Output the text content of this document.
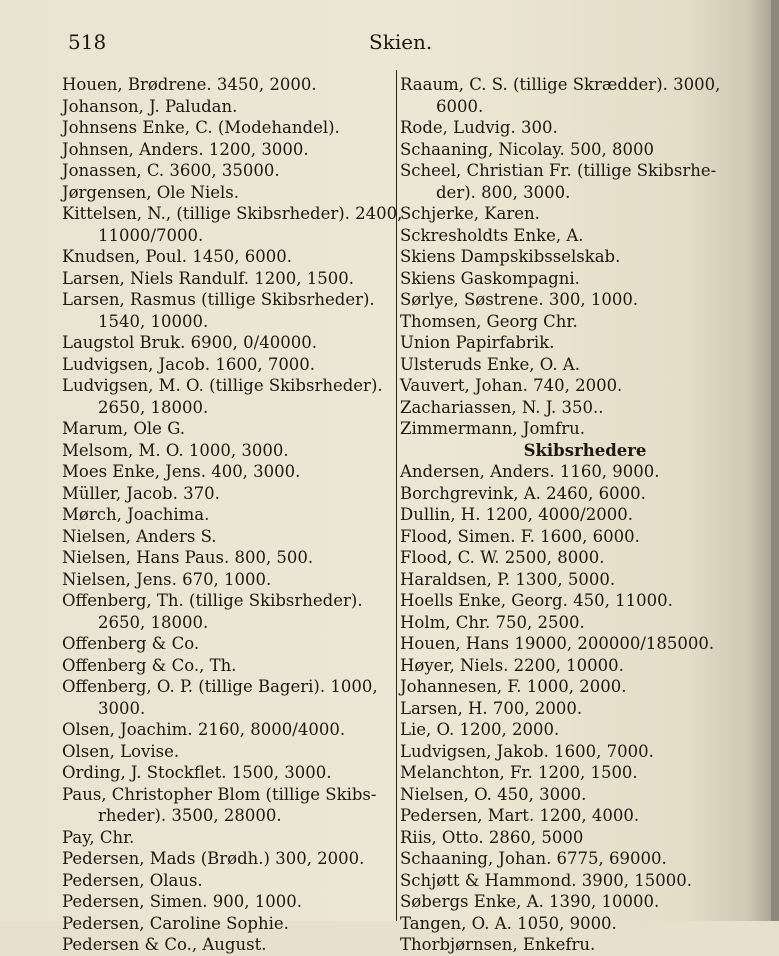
518	Skien.
Houen, Brødrene. 3450, 2000.
Johanson, J. Paludan.
Johnsens Enke, C. (Modehandel).
Johnsen, Anders. 1200, 3000.
Jonassen, C. 3600, 35000.
Jørgensen, Ole Niels.
Kittelsen, N., (tillige Skibsrheder). 2400,
11000/7000.
Knudsen, Poul. 1450, 6000.
Larsen, Niels Randulf. 1200, 1500.
Larsen, Rasmus (tillige Skibsrheder).
1540, 10000.
Laugstol Bruk. 6900, 0/40000.
Ludvigsen, Jacob. 1600, 7000.
Ludvigsen, M. O. (tillige Skibsrheder).
2650, 18000.
Marum, Ole G.
Melsom, M. O. 1000, 3000.
Moes Enke, Jens. 400, 3000.
Müller, Jacob. 370.
Mørch, Joachima.
Nielsen, Anders S.
Nielsen, Hans Paus. 800, 500.
Nielsen, Jens. 670, 1000.
Offenberg, Th. (tillige Skibsrheder).
2650, 18000.
Offenberg & Co.
Offenberg & Co., Th.
Offenberg, O. P. (tillige Bageri). 1000,
3000.
Olsen, Joachim. 2160, 8000/4000.
Olsen, Lovise.
Ording, J. Stockflet. 1500, 3000.
Paus, Christopher Blom (tillige Skibs-
rheder). 3500, 28000.
Pay, Chr.
Pedersen, Mads (Brødh.) 300, 2000.
Pedersen, Olaus.
Pedersen, Simen. 900, 1000.
Pedersen, Caroline Sophie.
Pedersen & Co., August.
Raaum, C. S. (tillige Skrædder). 3000,
6000.
Rode, Ludvig. 300.
Schaaning, Nicolay. 500, 8000
Scheel, Christian Fr. (tillige Skibsrhe-
der). 800, 3000.
Schjerke, Karen.
Sckresholdts Enke, A.
Skiens Dampskibsselskab.
Skiens Gaskompagni.
Sørlye, Søstrene. 300, 1000.
Thomsen, Georg Chr.
Union Papirfabrik.
Ulsteruds Enke, O. A.
Vauvert, Johan. 740, 2000.
Zachariassen, N. J. 350..
Zimmermann, Jomfru.
Skibsrhedere
Andersen, Anders. 1160, 9000.
Borchgrevink, A. 2460, 6000.
Dullin, H. 1200, 4000/2000.
Flood, Simen. F. 1600, 6000.
Flood, C. W. 2500, 8000.
Haraldsen, P. 1300, 5000.
Hoells Enke, Georg. 450, 11000.
Holm, Chr. 750, 2500.
Houen, Hans 19000, 200000/185000.
Høyer, Niels. 2200, 10000.
Johannesen, F. 1000, 2000.
Larsen, H. 700, 2000.
Lie, O. 1200, 2000.
Ludvigsen, Jakob. 1600, 7000.
Melanchton, Fr. 1200, 1500.
Nielsen, O. 450, 3000.
Pedersen, Mart. 1200, 4000.
Riis, Otto. 2860, 5000
Schaaning, Johan. 6775, 69000.
Schjøtt & Hammond. 3900, 15000.
Søbergs Enke, A. 1390, 10000.
Tangen, O. A. 1050, 9000.
Thorbjørnsen, Enkefru.
